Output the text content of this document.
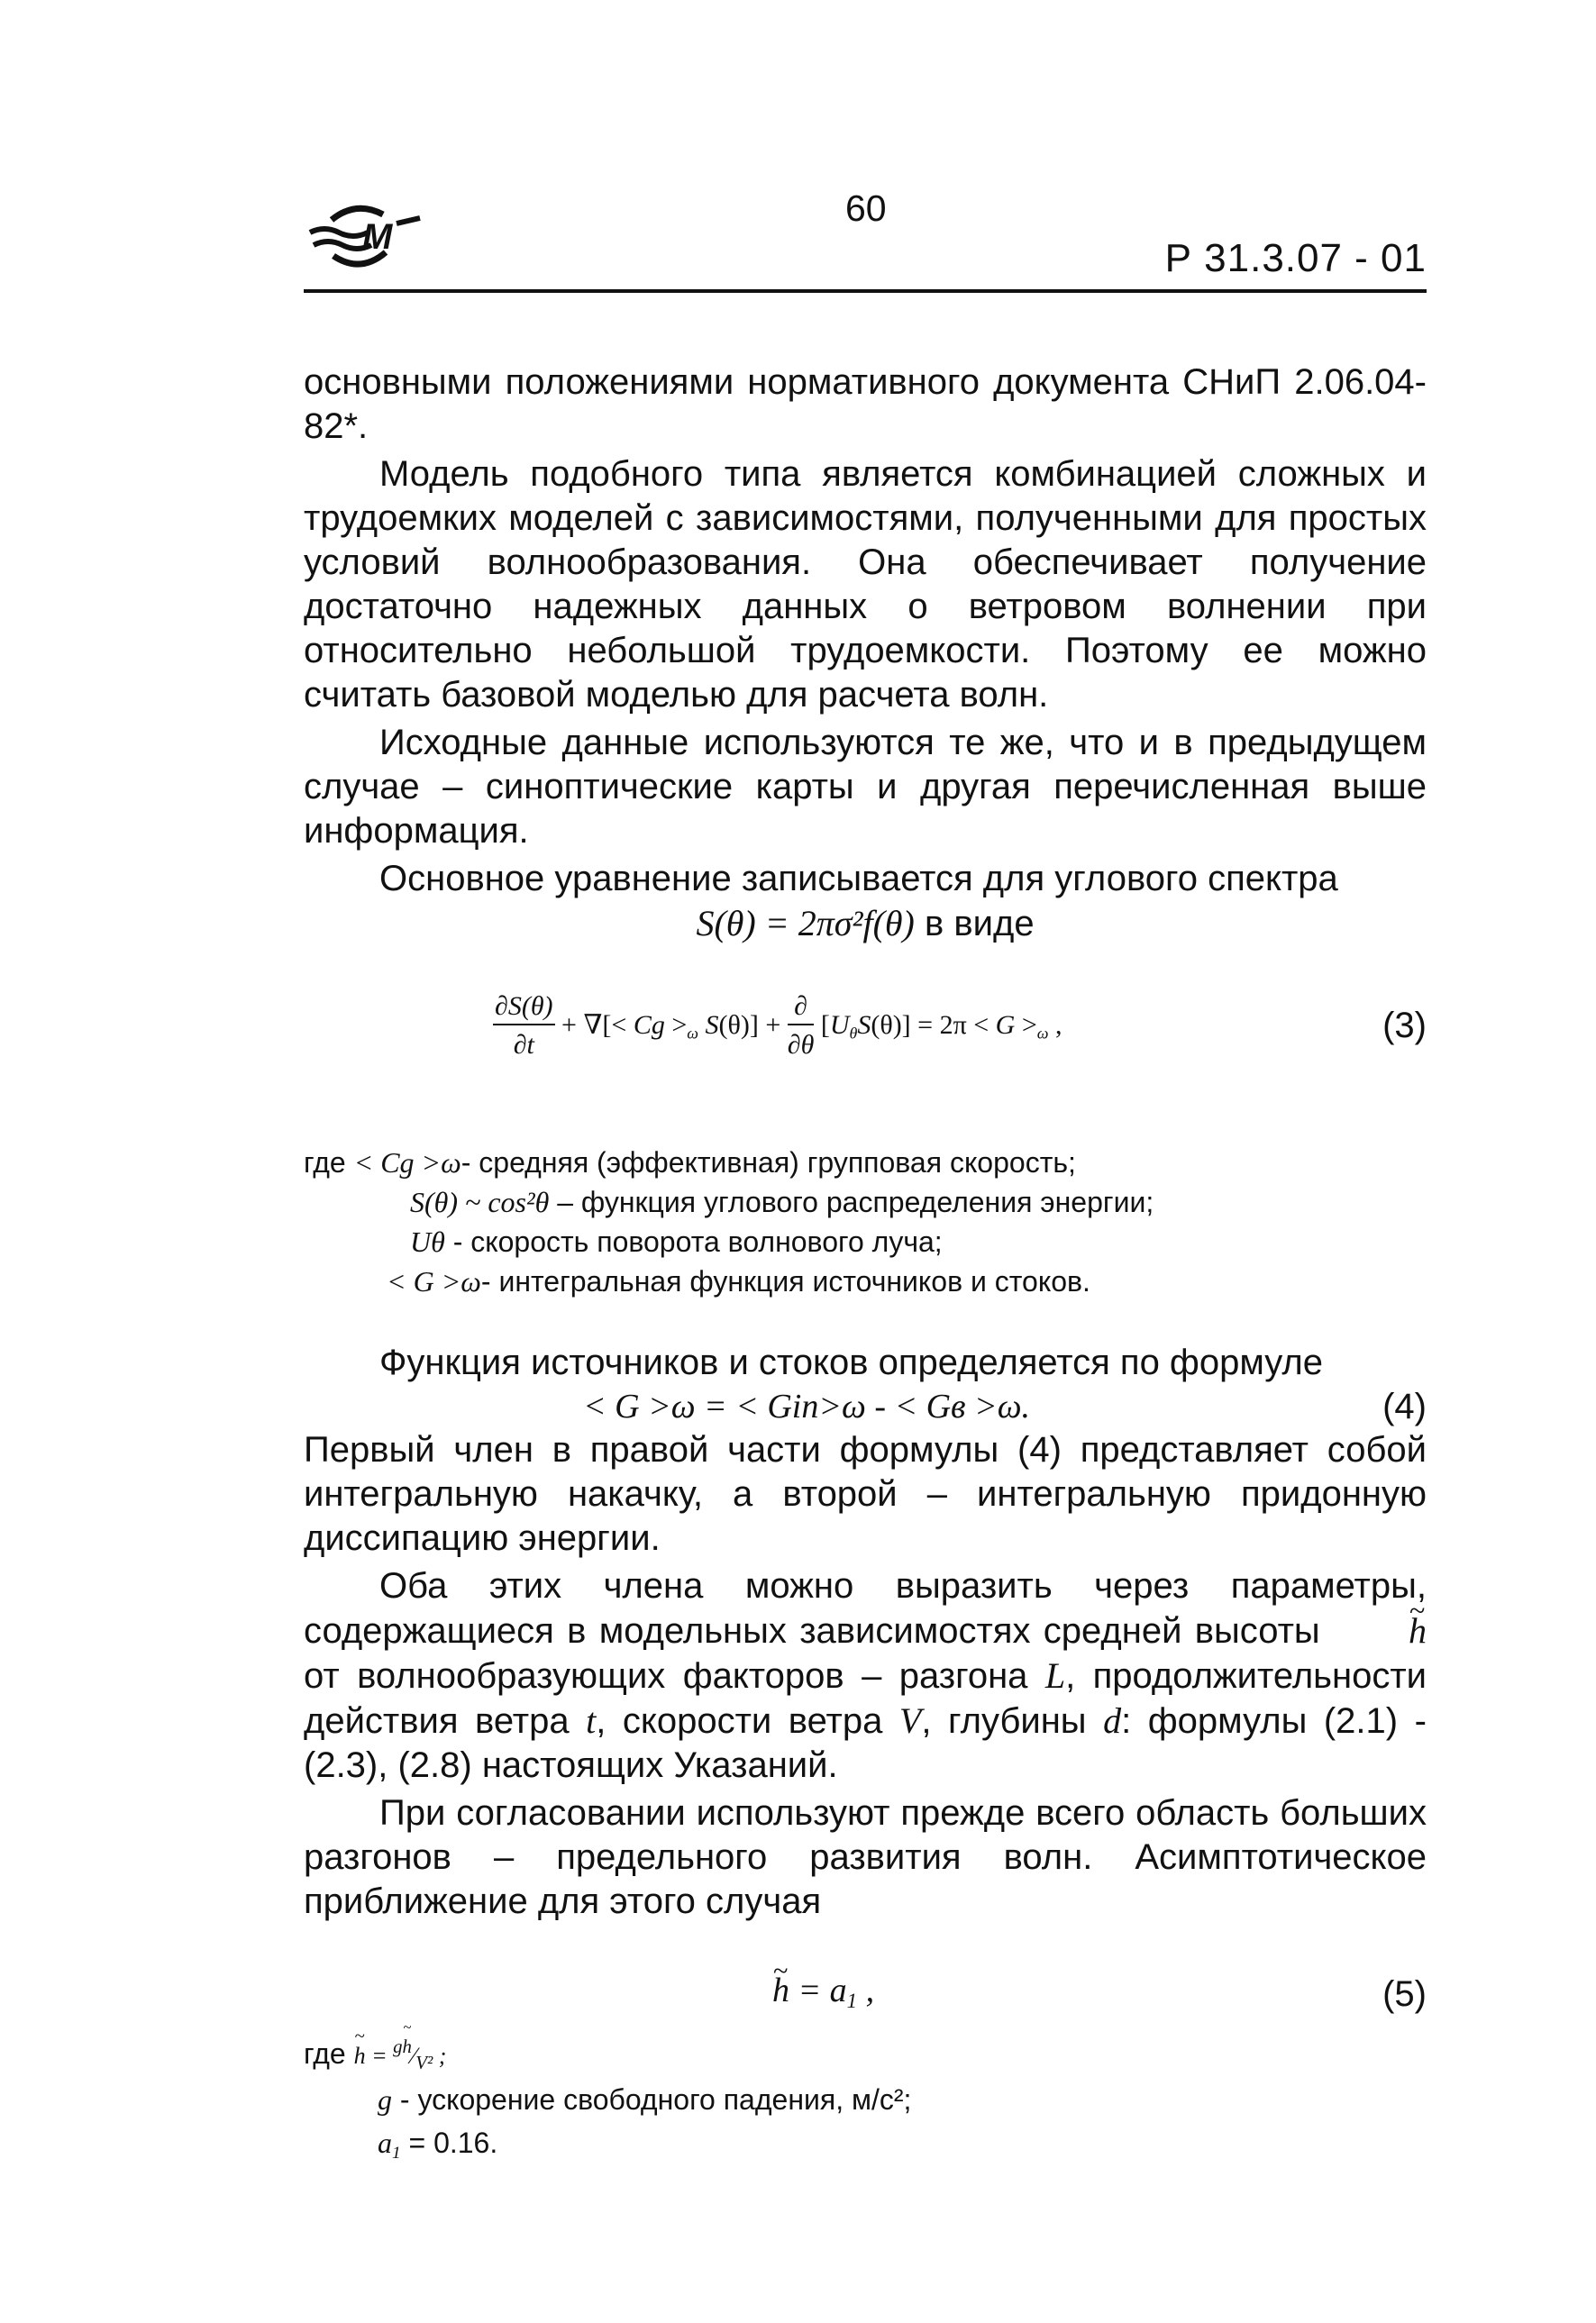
M
60
Р 31.3.07 - 01

основными положениями нормативного документа СНиП 2.06.04-82*.

Модель подобного типа является комбинацией сложных и трудоемких моделей с зависимостями, полученными для простых условий волнообразования. Она обеспечивает получение достаточно надежных данных о ветровом волнении при относительно небольшой трудоемкости. Поэтому ее можно считать базовой моделью для расчета волн.

Исходные данные используются те же, что и в предыдущем случае – синоптические карты и другая перечисленная выше информация.

Основное уравнение записывается для углового спектра

S(θ) = 2πσ²f(θ) в виде

$\frac{\partial S(\theta)}{\partial t}$ + ∇[< $Cg >_\omega$ $S(\theta)] + \frac{\partial}{\partial\theta} [U_\theta S(\theta)] = 2\pi < G >_\omega$ ,	(3)
где < Cg >ω- средняя (эффективная) групповая скорость;
S(θ) ~ cos²θ – функция углового распределения энергии;
Uθ - скорость поворота волнового луча;
< G >ω- интегральная функция источников и стоков.

Функция источников и стоков определяется по формуле

< G >ω = < Gin>ω - < Gв >ω.	(4)

Первый член в правой части формулы (4) представляет собой интегральную накачку, а второй – интегральную придонную диссипацию энергии.

Оба этих члена можно выразить через параметры, содержащиеся в модельных зависимостях средней высоты ~ h от волнообразующих факторов – разгона L, продолжительности действия ветра t, скорости ветра V, глубины d: формулы (2.1) - (2.3), (2.8) настоящих Указаний.

При согласовании используют прежде всего область больших разгонов – предельного развития волн. Асимптотическое приближение для этого случая

~ $h = a_1$ ,	(5)
где ~ $h = ^{gh}⁄_{V^2}$ ;
g - ускорение свободного падения, м/с²;
$a_1 = 0.16$.
